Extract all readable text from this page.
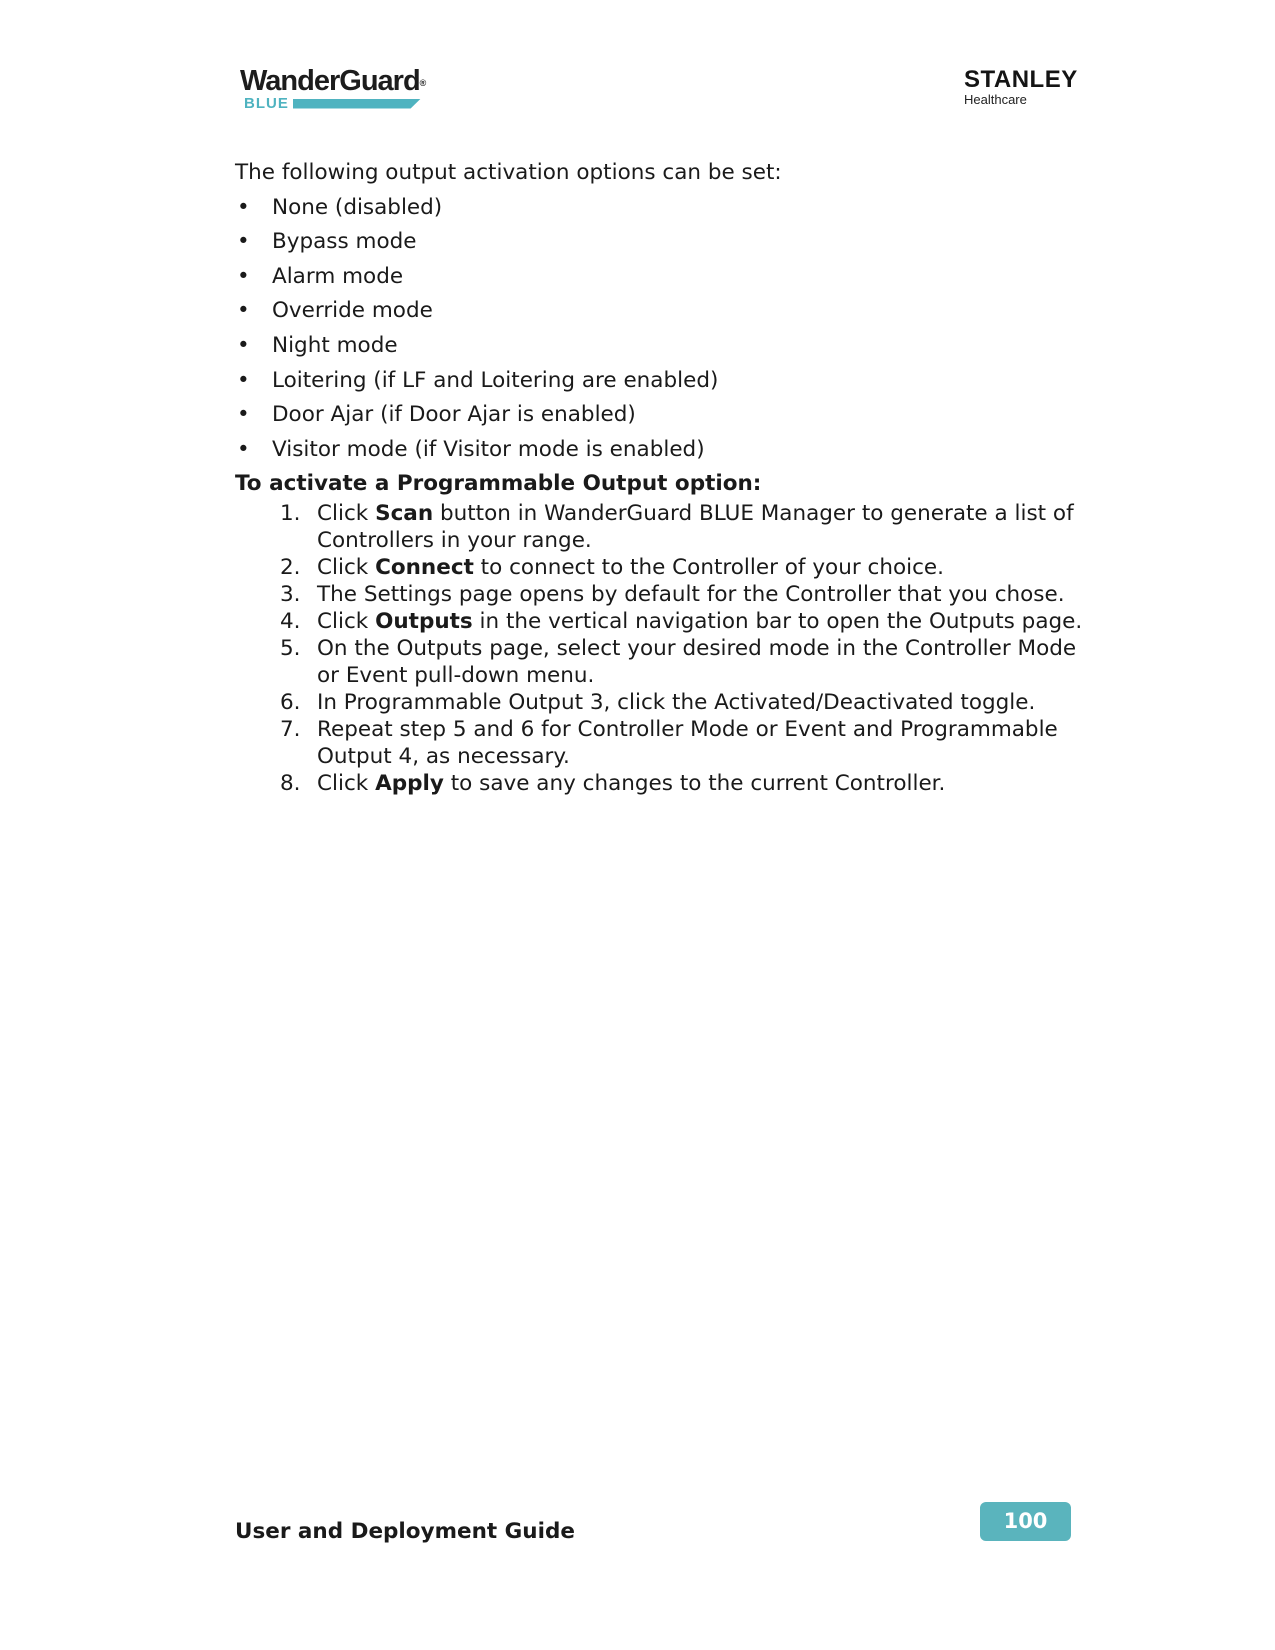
WanderGuard®
BLUE
STANLEY
Healthcare

The following output activation options can be set:

• None (disabled)
• Bypass mode
• Alarm mode
• Override mode
• Night mode
• Loitering (if LF and Loitering are enabled)
• Door Ajar (if Door Ajar is enabled)
• Visitor mode (if Visitor mode is enabled)

To activate a Programmable Output option:

1. Click Scan button in WanderGuard BLUE Manager to generate a list of Controllers in your range.
2. Click Connect to connect to the Controller of your choice.
3. The Settings page opens by default for the Controller that you chose.
4. Click Outputs in the vertical navigation bar to open the Outputs page.
5. On the Outputs page, select your desired mode in the Controller Mode or Event pull-down menu.
6. In Programmable Output 3, click the Activated/Deactivated toggle.
7. Repeat step 5 and 6 for Controller Mode or Event and Programmable Output 4, as necessary.
8. Click Apply to save any changes to the current Controller.
User and Deployment Guide	100
